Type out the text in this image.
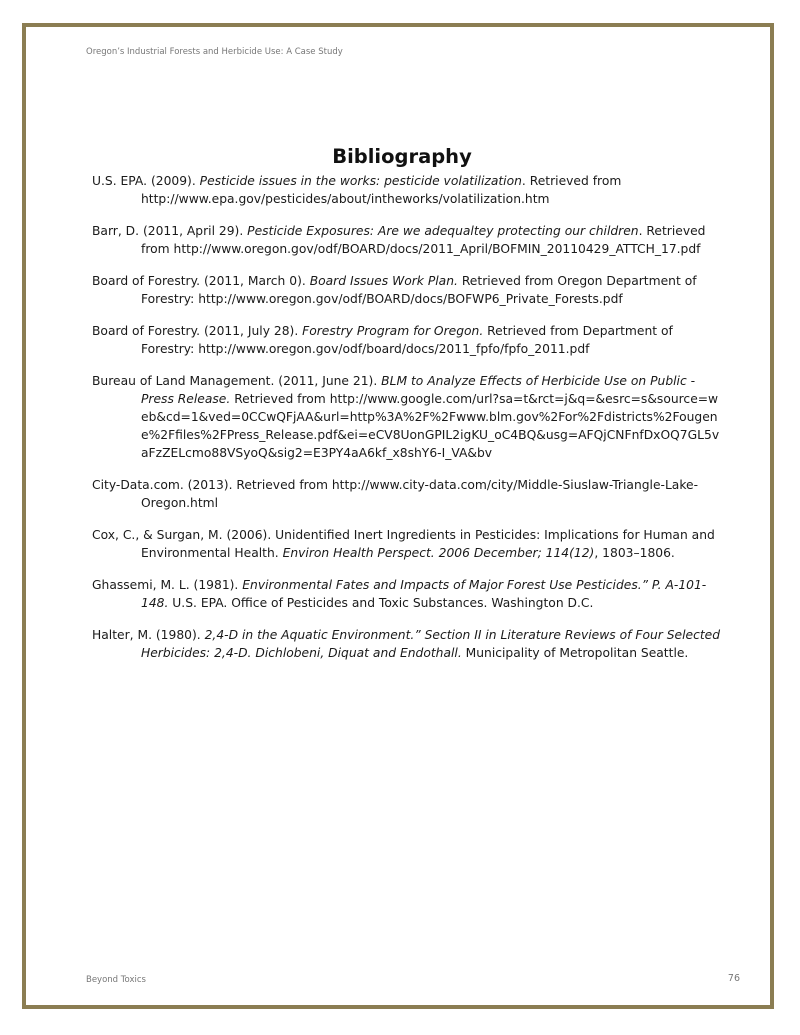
Oregon’s Industrial Forests and Herbicide Use: A Case Study
Bibliography

U.S. EPA. (2009). Pesticide issues in the works: pesticide volatilization. Retrieved from http://www.epa.gov/pesticides/about/intheworks/volatilization.htm

Barr, D. (2011, April 29). Pesticide Exposures: Are we adequaltey protecting our children. Retrieved from http://www.oregon.gov/odf/BOARD/docs/2011_April/BOFMIN_20110429_ATTCH_17.pdf

Board of Forestry. (2011, March 0). Board Issues Work Plan. Retrieved from Oregon Department of Forestry: http://www.oregon.gov/odf/BOARD/docs/BOFWP6_Private_Forests.pdf

Board of Forestry. (2011, July 28). Forestry Program for Oregon. Retrieved from Department of Forestry: http://www.oregon.gov/odf/board/docs/2011_fpfo/fpfo_2011.pdf

Bureau of Land Management. (2011, June 21). BLM to Analyze Effects of Herbicide Use on Public - Press Release. Retrieved from http://www.google.com/url?sa=t&rct=j&q=&esrc=s&source=web&cd=1&ved=0CCwQFjAA&url=http%3A%2F%2Fwww.blm.gov%2For%2Fdistricts%2Fougene%2Ffiles%2FPress_Release.pdf&ei=eCV8UonGPIL2igKU_oC4BQ&usg=AFQjCNFnfDxOQ7GL5vaFzZELcmo88VSyoQ&sig2=E3PY4aA6kf_x8shY6-I_VA&bv

City-Data.com. (2013). Retrieved from http://www.city-data.com/city/Middle-Siuslaw-Triangle-Lake-Oregon.html

Cox, C., & Surgan, M. (2006). Unidentified Inert Ingredients in Pesticides: Implications for Human and Environmental Health. Environ Health Perspect. 2006 December; 114(12), 1803–1806.

Ghassemi, M. L. (1981). Environmental Fates and Impacts of Major Forest Use Pesticides.” P. A-101-148. U.S. EPA. Office of Pesticides and Toxic Substances. Washington D.C.

Halter, M. (1980). 2,4-D in the Aquatic Environment.” Section II in Literature Reviews of Four Selected Herbicides: 2,4-D. Dichlobeni, Diquat and Endothall. Municipality of Metropolitan Seattle.

Beyond Toxics	76
